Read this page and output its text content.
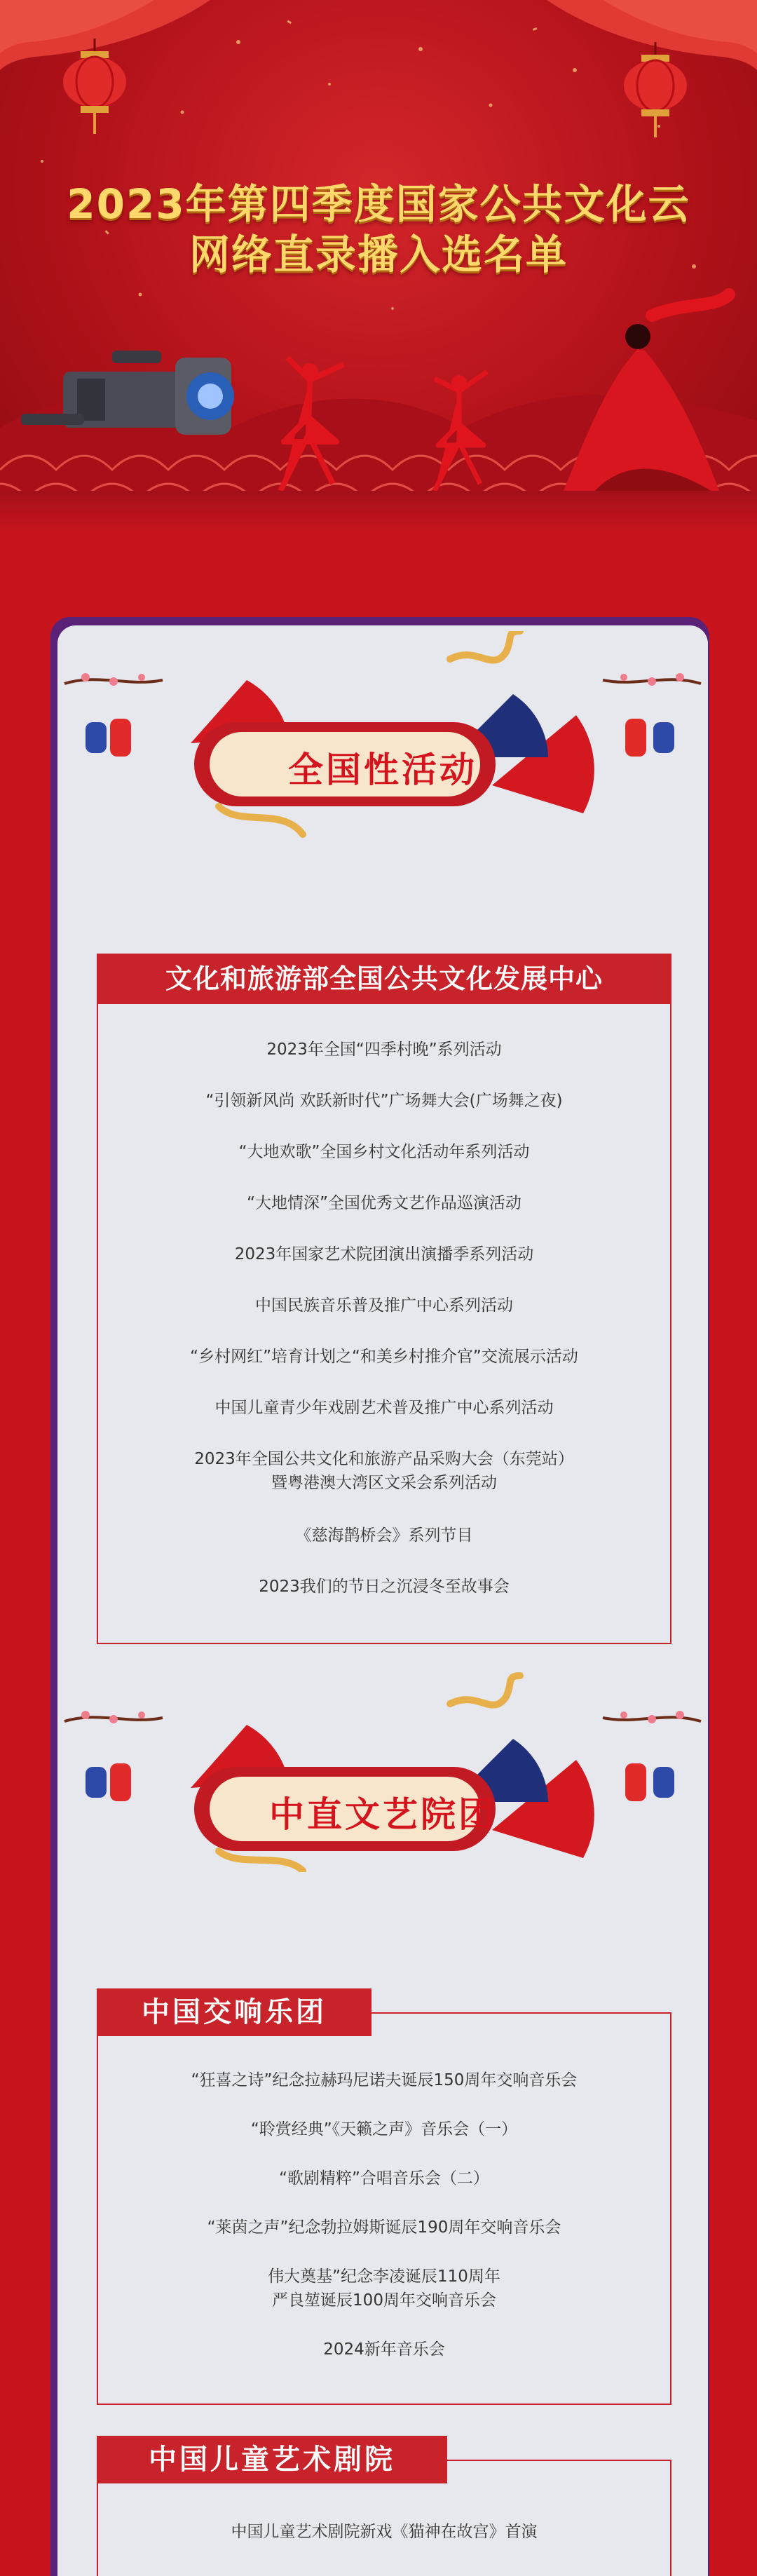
2023年第四季度国家公共文化云
网络直录播入选名单
全国性活动
文化和旅游部全国公共文化发展中心
2023年全国“四季村晚”系列活动
“引领新风尚 欢跃新时代”广场舞大会(广场舞之夜)
“大地欢歌”全国乡村文化活动年系列活动
“大地情深”全国优秀文艺作品巡演活动
2023年国家艺术院团演出演播季系列活动
中国民族音乐普及推广中心系列活动
“乡村网红”培育计划之“和美乡村推介官”交流展示活动
中国儿童青少年戏剧艺术普及推广中心系列活动
2023年全国公共文化和旅游产品采购大会（东莞站）
暨粤港澳大湾区文采会系列活动
《慈海鹊桥会》系列节目
2023我们的节日之沉浸冬至故事会
中直文艺院团
中国交响乐团
“狂喜之诗”纪念拉赫玛尼诺夫诞辰150周年交响音乐会
“聆赏经典”《天籁之声》音乐会（一）
“歌剧精粹”合唱音乐会（二）
“莱茵之声”纪念勃拉姆斯诞辰190周年交响音乐会
伟大奠基”纪念李凌诞辰110周年
严良堃诞辰100周年交响音乐会
2024新年音乐会
中国儿童艺术剧院
中国儿童艺术剧院新戏《猫神在故宫》首演
